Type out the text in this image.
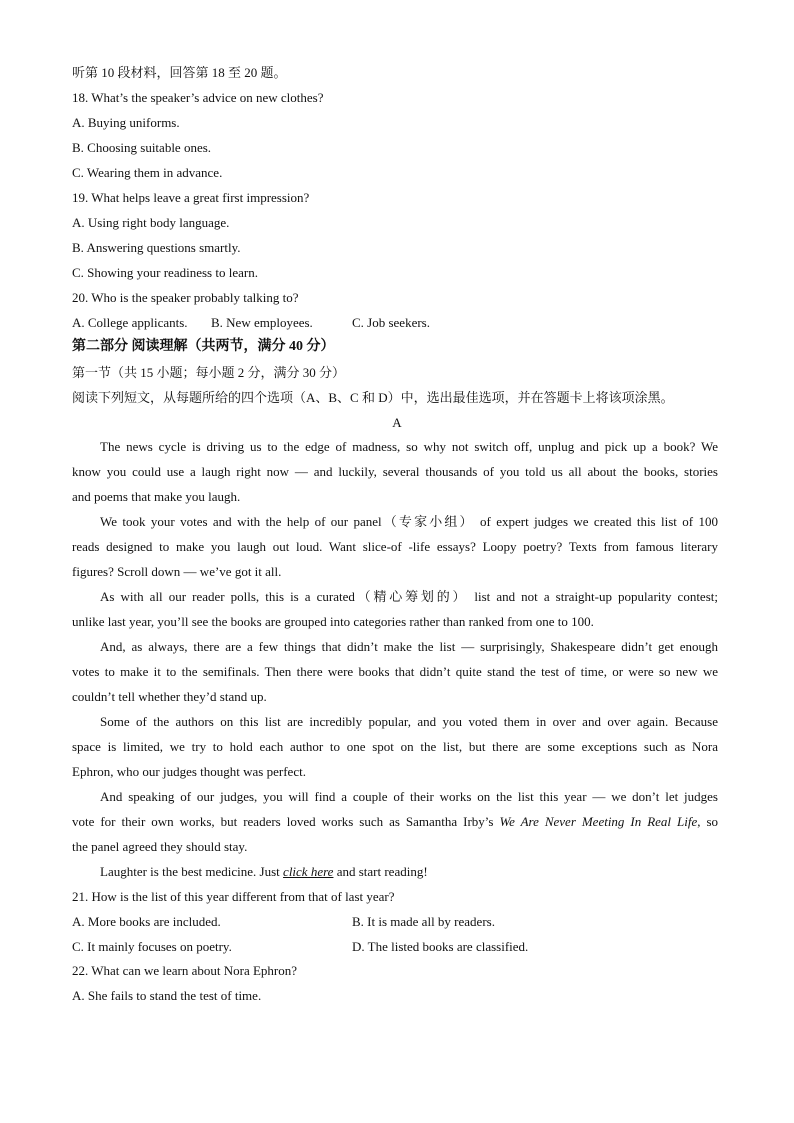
听第 10 段材料，回答第 18 至 20 题。
18. What’s the speaker’s advice on new clothes?
A. Buying uniforms.
B. Choosing suitable ones.
C. Wearing them in advance.
19. What helps leave a great first impression?
A. Using right body language.
B. Answering questions smartly.
C. Showing your readiness to learn.
20. Who is the speaker probably talking to?
A. College applicants. B. New employees.	C. Job seekers.
第二部分 阅读理解（共两节，满分 40 分）
第一节（共 15 小题；每小题 2 分，满分 30 分）
阅读下列短文，从每题所给的四个选项（A、B、C 和 D）中，选出最佳选项，并在答题卡上将该项涂黑。
A
The news cycle is driving us to the edge of madness, so why not switch off, unplug and pick up a book? We
know you could use a laugh right now — and luckily, several thousands of you told us all about the books, stories
and poems that make you laugh.
We took your votes and with the help of our panel（专家小组） of expert judges we created this list of 100
reads designed to make you laugh out loud. Want slice-of -life essays? Loopy poetry? Texts from famous literary
figures? Scroll down — we’ve got it all.
As with all our reader polls, this is a curated（精心筹划的） list and not a straight-up popularity contest;
unlike last year, you’ll see the books are grouped into categories rather than ranked from one to 100.
And, as always, there are a few things that didn’t make the list — surprisingly, Shakespeare didn’t get enough
votes to make it to the semifinals. Then there were books that didn’t quite stand the test of time, or were so new we
couldn’t tell whether they’d stand up.
Some of the authors on this list are incredibly popular, and you voted them in over and over again. Because
space is limited, we try to hold each author to one spot on the list, but there are some exceptions such as Nora
Ephron, who our judges thought was perfect.
And speaking of our judges, you will find a couple of their works on the list this year — we don’t let judges
vote for their own works, but readers loved works such as Samantha Irby’s We Are Never Meeting In Real Life, so
the panel agreed they should stay.
Laughter is the best medicine. Just click here and start reading!
21. How is the list of this year different from that of last year?
A. More books are included.	B. It is made all by readers.
C. It mainly focuses on poetry.	D. The listed books are classified.
22. What can we learn about Nora Ephron?
A. She fails to stand the test of time.
